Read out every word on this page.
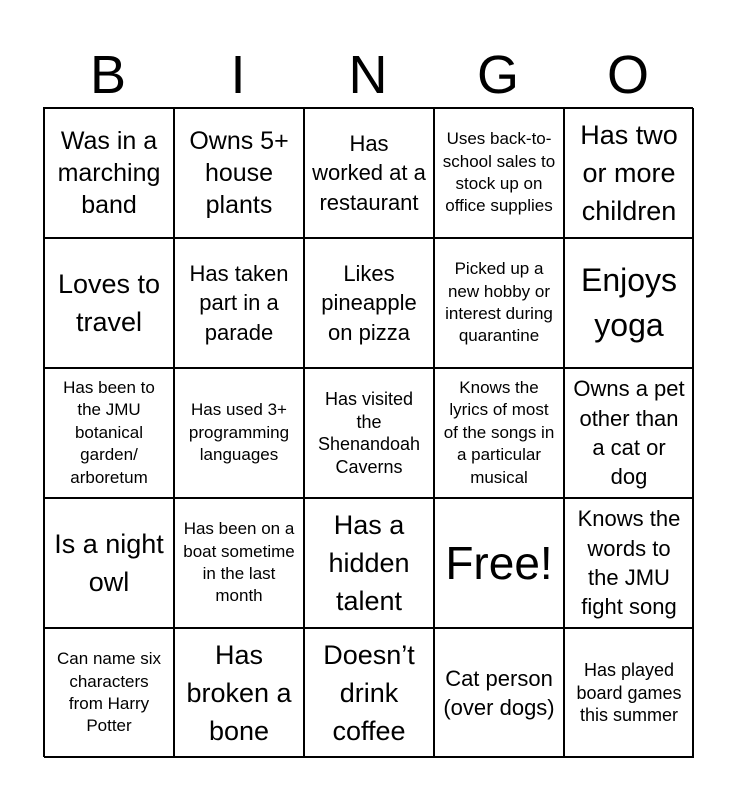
B	I	N	G	O
Was in a marching band
Owns 5+ house plants
Has worked at a restaurant
Uses back-to-school sales to stock up on office supplies
Has two or more children
Loves to travel
Has taken part in a parade
Likes pineapple on pizza
Picked up a new hobby or interest during quarantine
Enjoys yoga
Has been to the JMU botanical garden/ arboretum
Has used 3+ programming languages
Has visited the Shenandoah Caverns
Knows the lyrics of most of the songs in a particular musical
Owns a pet other than a cat or dog
Is a night owl
Has been on a boat sometime in the last month
Has a hidden talent
Free!
Knows the words to the JMU fight song
Can name six characters from Harry Potter
Has broken a bone
Doesn’t drink coffee
Cat person (over dogs)
Has played board games this summer
